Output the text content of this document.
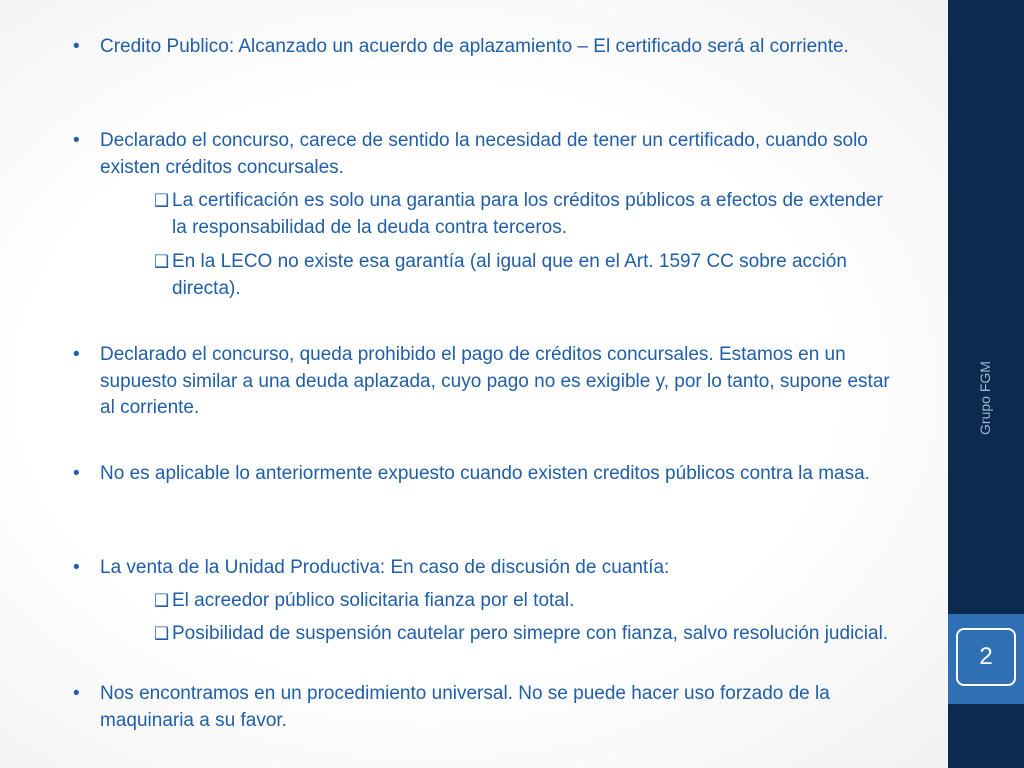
Grupo FGM
2
• Credito Publico: Alcanzado un acuerdo de aplazamiento – El certificado será al corriente.
• Declarado el concurso, carece de sentido la necesidad de tener un certificado, cuando solo existen créditos concursales.
❑ La certificación es solo una garantia para los créditos públicos a efectos de extender la responsabilidad de la deuda contra terceros.
❑ En la LECO no existe esa garantía (al igual que en el Art. 1597 CC sobre acción directa).
• Declarado el concurso, queda prohibido el pago de créditos concursales. Estamos en un supuesto similar a una deuda aplazada, cuyo pago no es exigible y, por lo tanto, supone estar al corriente.
• No es aplicable lo anteriormente expuesto cuando existen creditos públicos contra la masa.
• La venta de la Unidad Productiva: En caso de discusión de cuantía:
❑ El acreedor público solicitaria fianza por el total.
❑ Posibilidad de suspensión cautelar pero simepre con fianza, salvo resolución judicial.
• Nos encontramos en un procedimiento universal. No se puede hacer uso forzado de la maquinaria a su favor.
